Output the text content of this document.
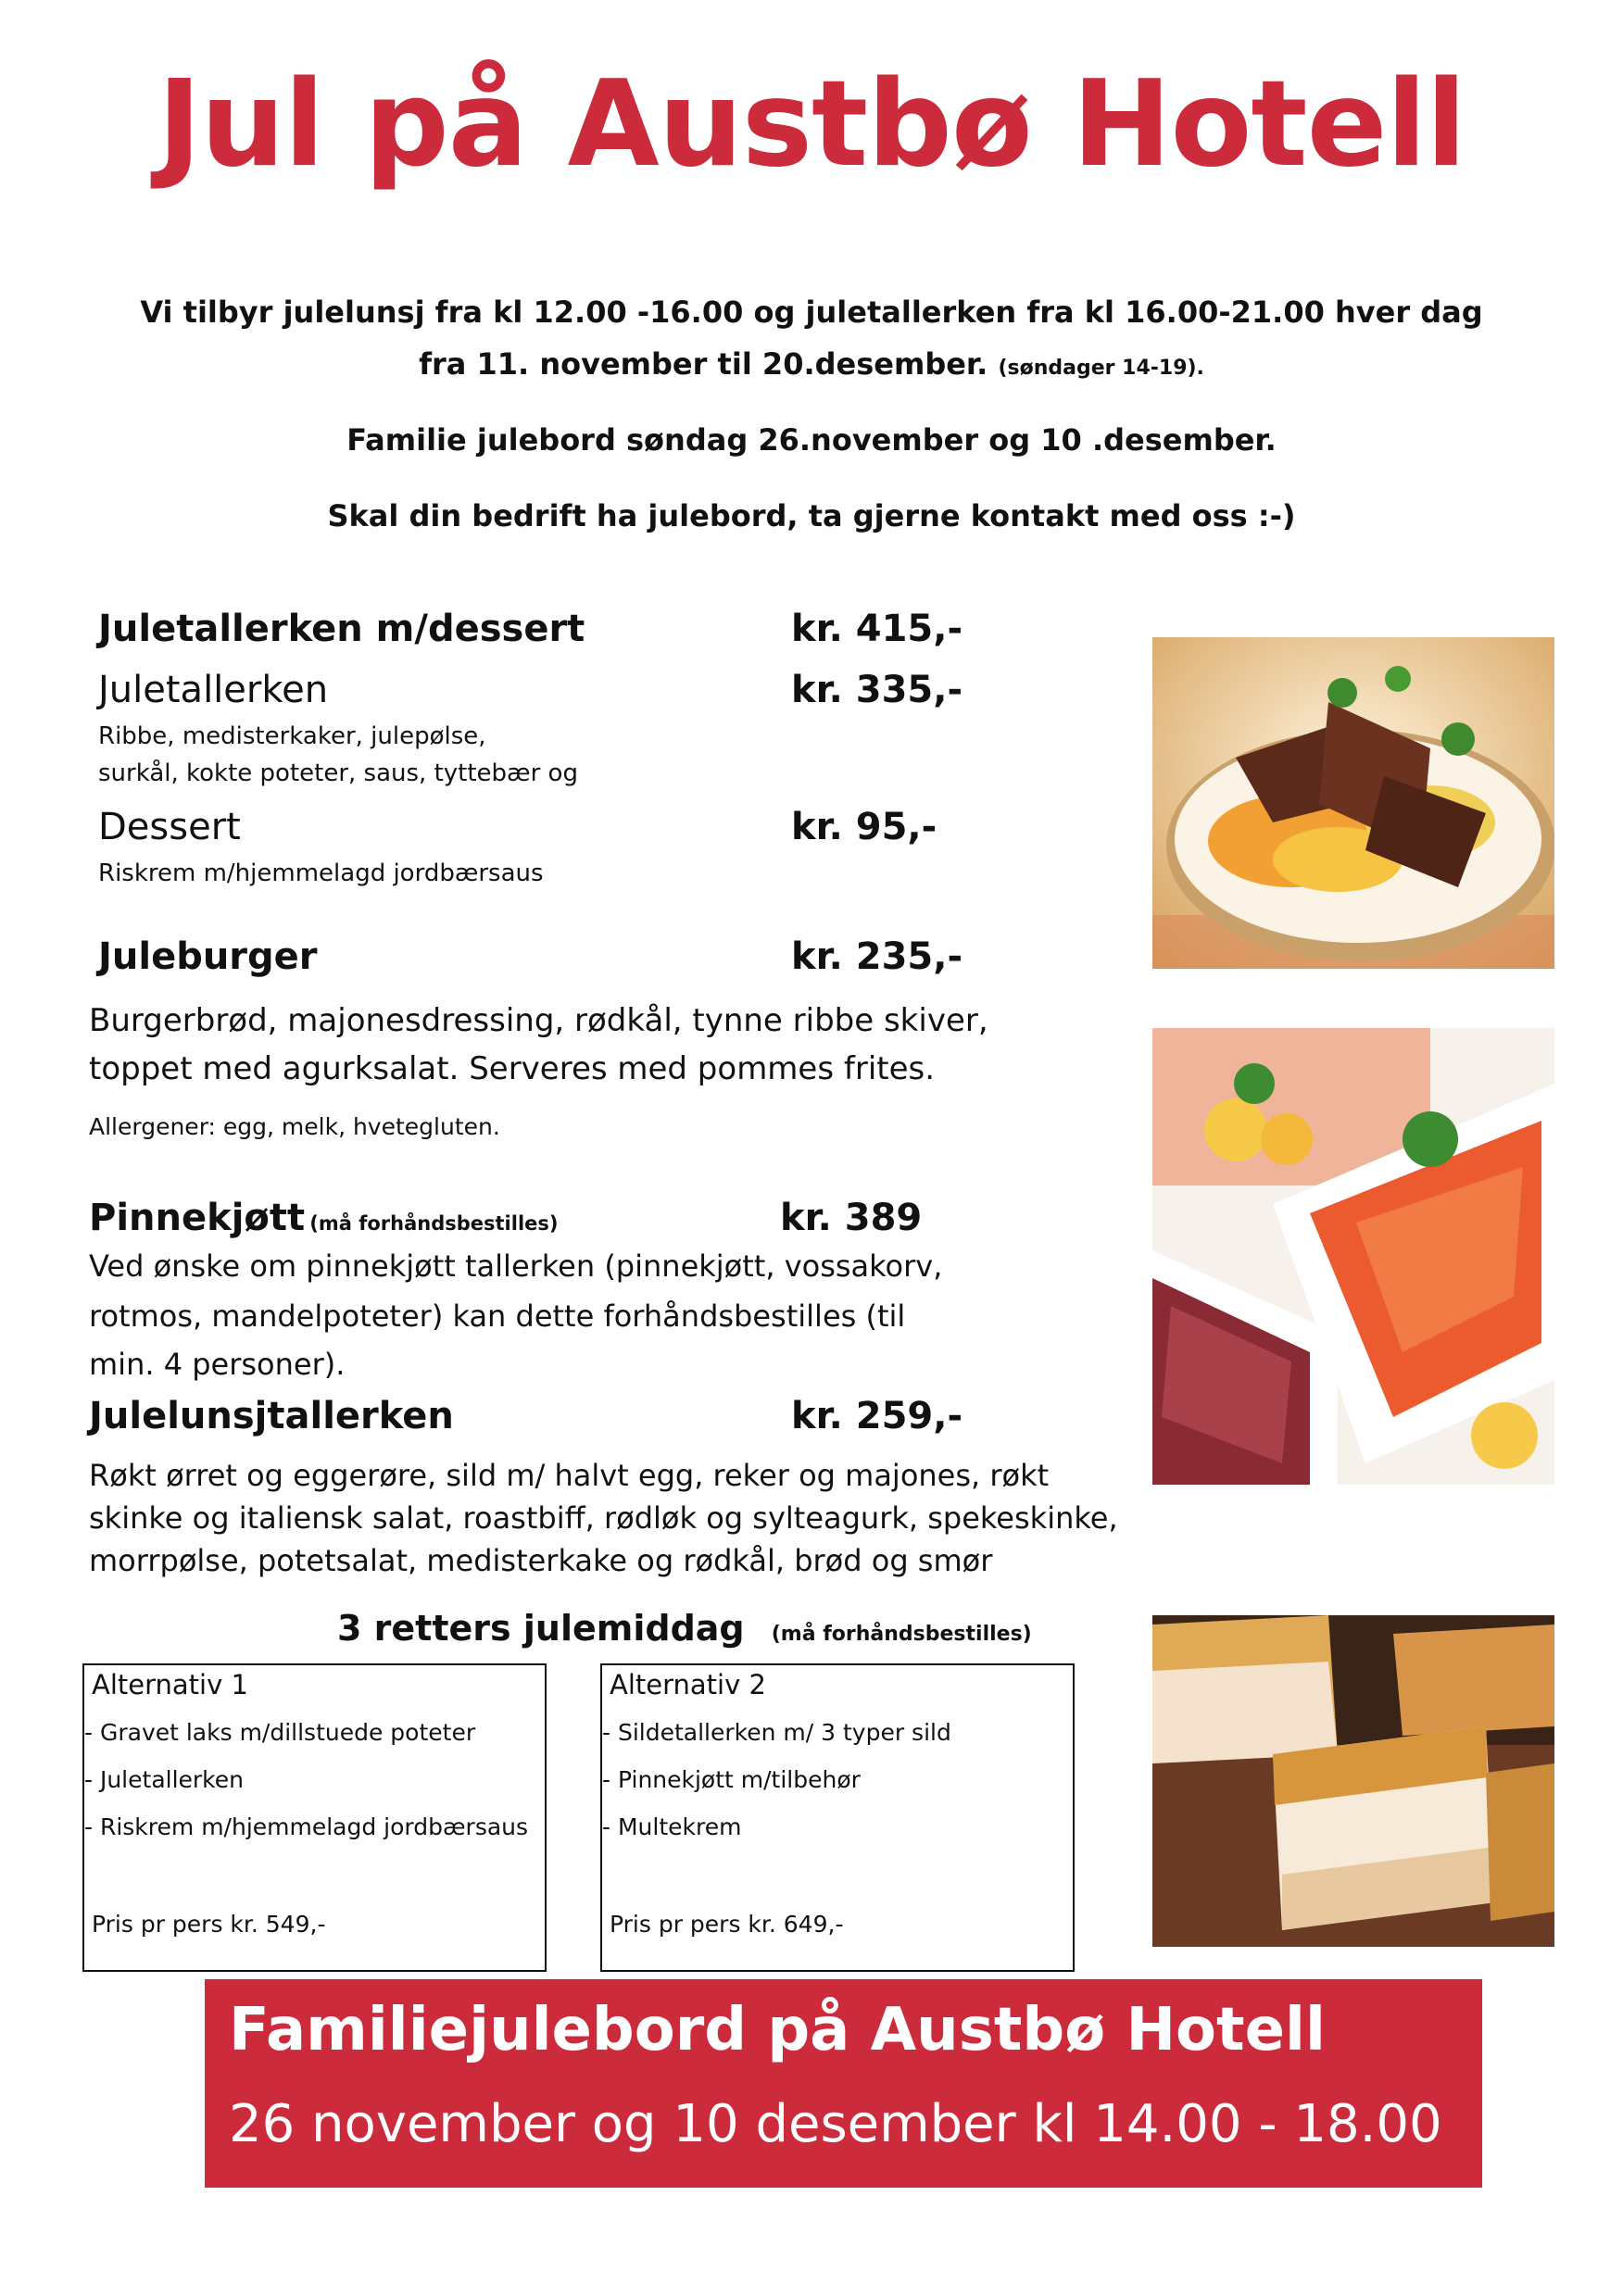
Jul på Austbø Hotell
Vi tilbyr julelunsj fra kl 12.00 -16.00 og juletallerken fra kl 16.00-21.00 hver dag
fra 11. november til 20.desember. (søndager 14-19).
Familie julebord søndag 26.november og 10 .desember.
Skal din bedrift ha julebord, ta gjerne kontakt med oss :-)
Juletallerken m/dessert	kr. 415,-
Juletallerken	kr. 335,-
Ribbe, medisterkaker, julepølse,
surkål, kokte poteter, saus, tyttebær og
Dessert	kr. 95,-
Riskrem m/hjemmelagd jordbærsaus
Juleburger	kr. 235,-
Burgerbrød, majonesdressing, rødkål, tynne ribbe skiver,
toppet med agurksalat. Serveres med pommes frites.
Allergener: egg, melk, hvetegluten.
Pinnekjøtt (må forhåndsbestilles)	kr. 389
Ved ønske om pinnekjøtt tallerken (pinnekjøtt, vossakorv,
rotmos, mandelpoteter) kan dette forhåndsbestilles (til
min. 4 personer).
Julelunsjtallerken	kr. 259,-
Røkt ørret og eggerøre, sild m/ halvt egg, reker og majones, røkt
skinke og italiensk salat, roastbiff, rødløk og sylteagurk, spekeskinke,
morrpølse, potetsalat, medisterkake og rødkål, brød og smør
3 retters julemiddag (må forhåndsbestilles)
Alternativ 1
- Gravet laks m/dillstuede poteter
- Juletallerken
- Riskrem m/hjemmelagd jordbærsaus
Pris pr pers kr. 549,-
Alternativ 2
- Sildetallerken m/ 3 typer sild
- Pinnekjøtt m/tilbehør
- Multekrem
Pris pr pers kr. 649,-
Familiejulebord på Austbø Hotell
26 november og 10 desember kl 14.00 - 18.00
